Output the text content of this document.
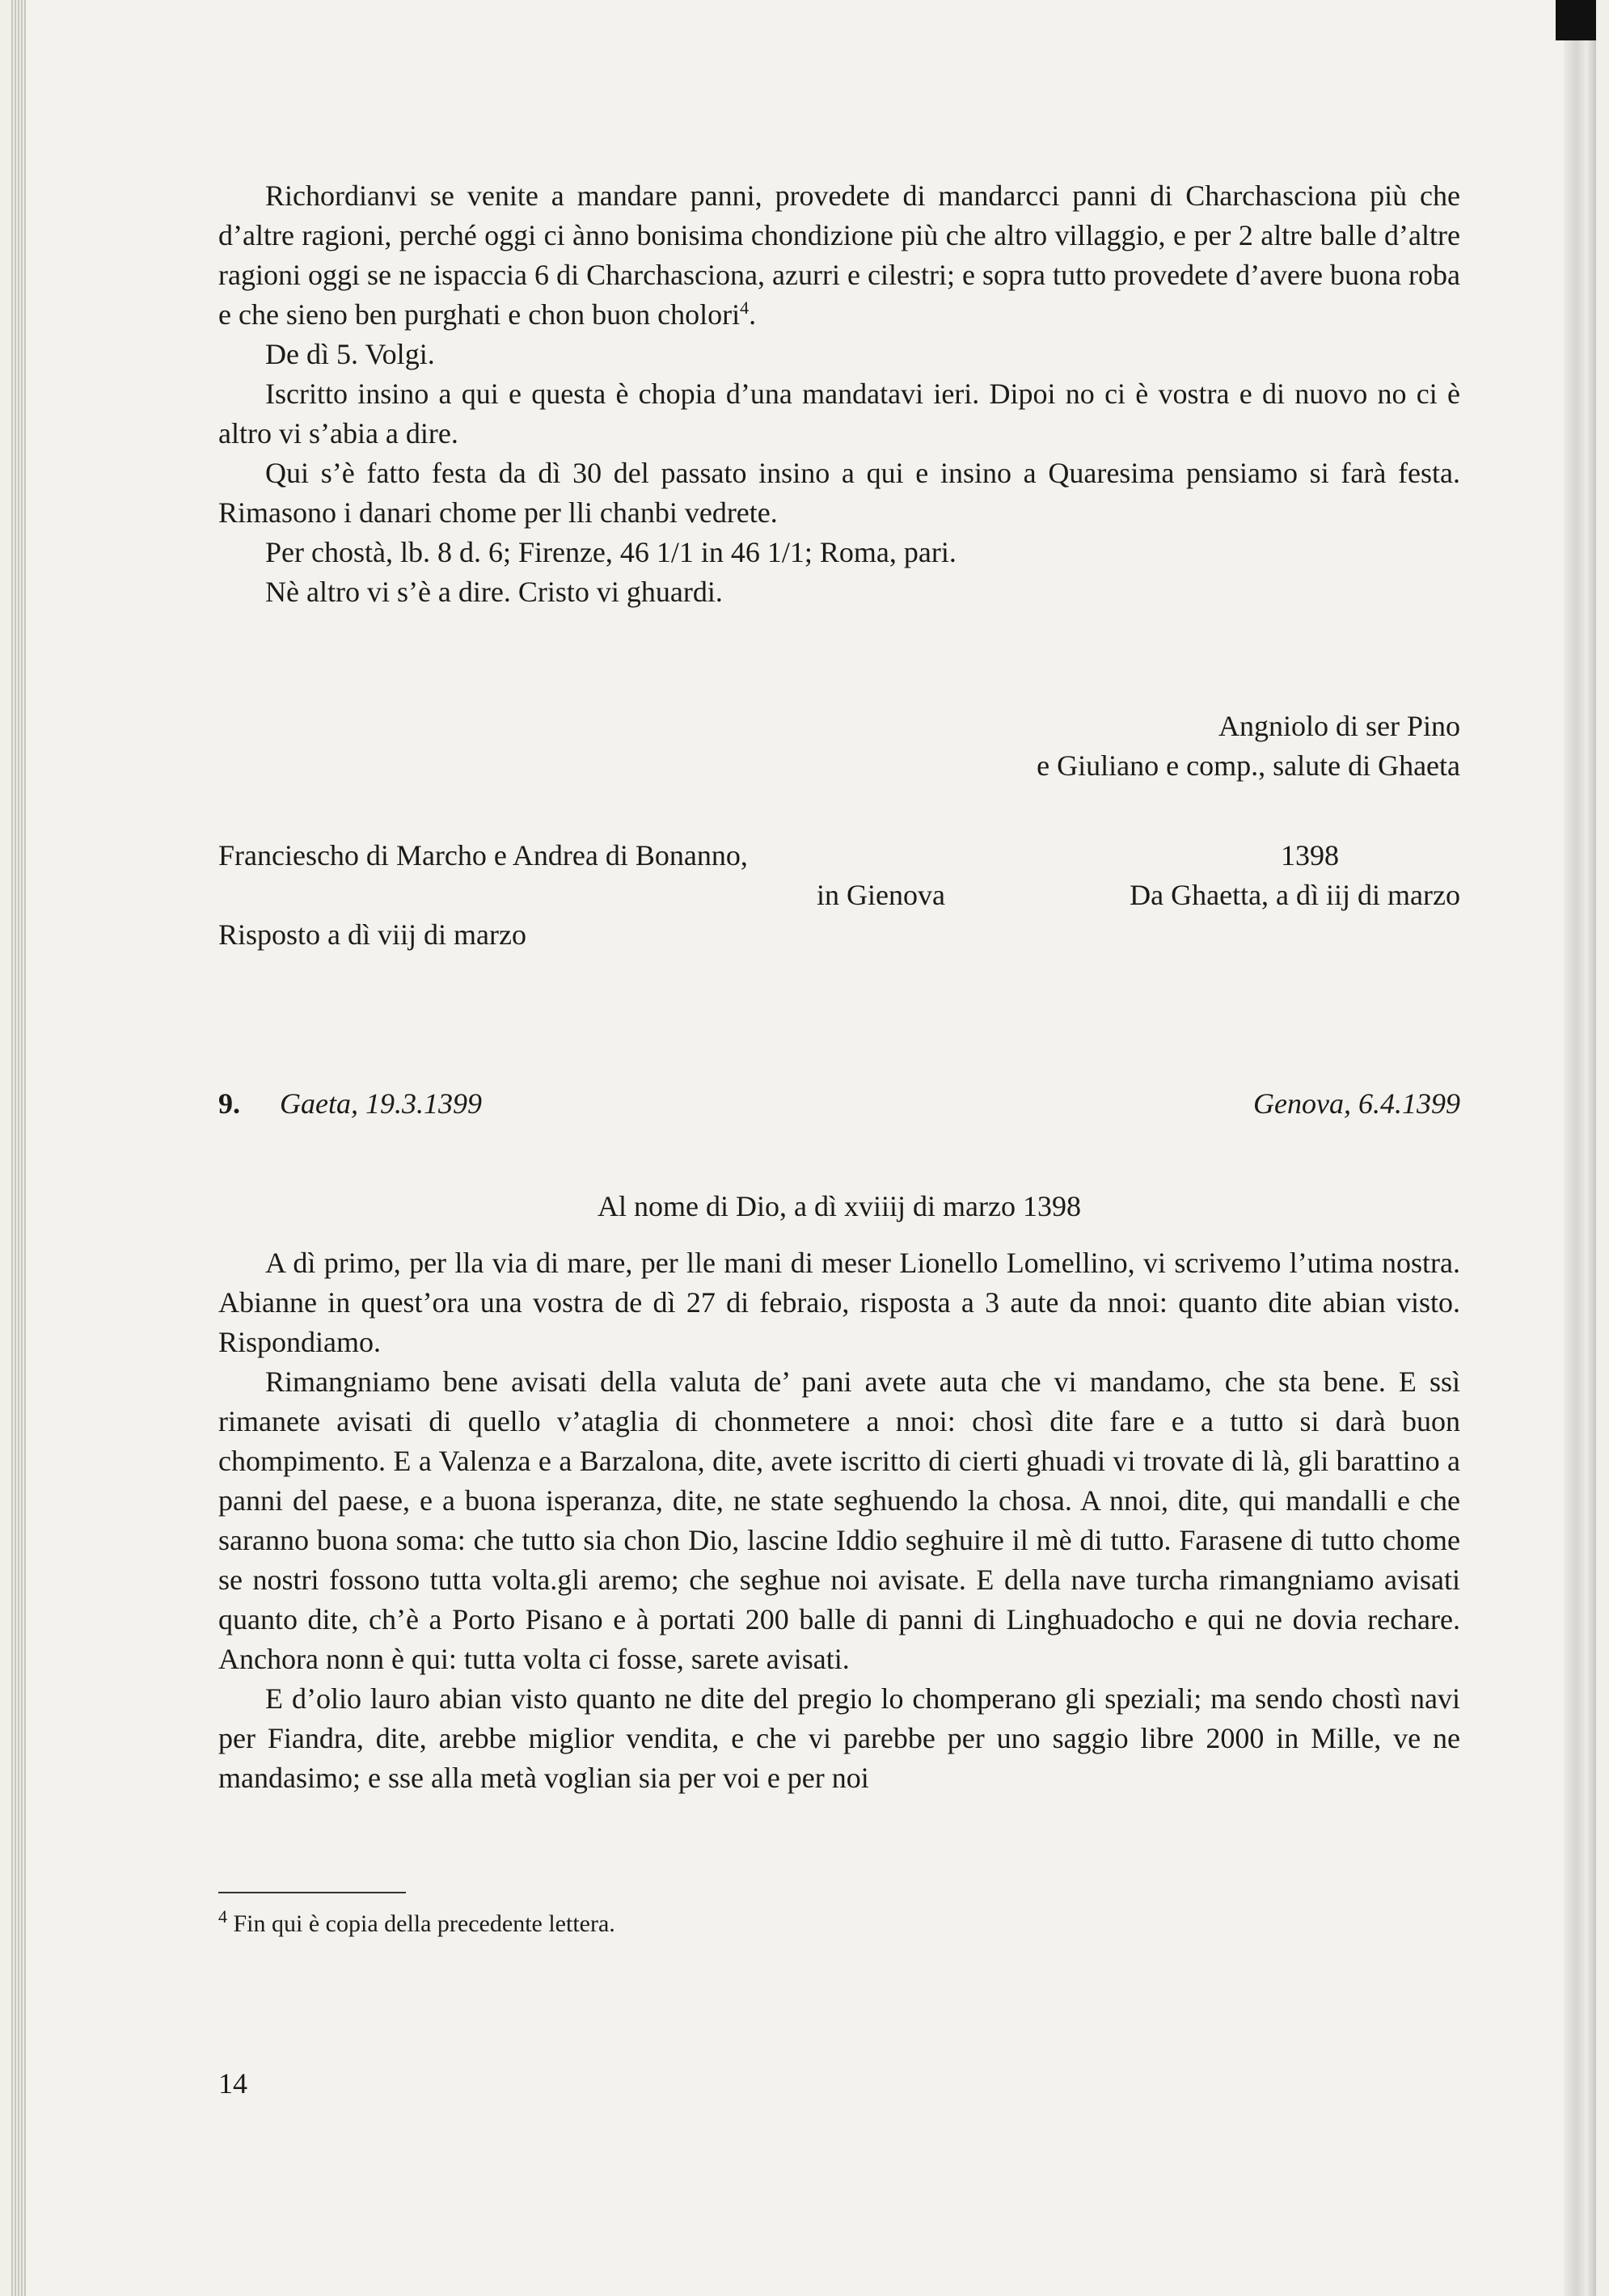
Richordianvi se venite a mandare panni, provedete di mandarcci panni di Charchasciona più che d’altre ragioni, perché oggi ci ànno bonisima chondizione più che altro villaggio, e per 2 altre balle d’altre ragioni oggi se ne ispaccia 6 di Charchasciona, azurri e cilestri; e sopra tutto provedete d’avere buona roba e che sieno ben purghati e chon buon cholori$^4$.

De dì 5. Volgi.

Iscritto insino a qui e questa è chopia d’una mandatavi ieri. Dipoi no ci è vostra e di nuovo no ci è altro vi s’abia a dire.

Qui s’è fatto festa da dì 30 del passato insino a qui e insino a Quaresima pensiamo si farà festa. Rimasono i danari chome per lli chanbi vedrete.

Per chostà, lb. 8 d. 6; Firenze, 46 1/1 in 46 1/1; Roma, pari.

Nè altro vi s’è a dire. Cristo vi ghuardi.

Angniolo di ser Pino
e Giuliano e comp., salute di Ghaeta
Franciescho di Marcho e Andrea di Bonanno,	1398
in Gienova	Da Ghaetta, a dì iij di marzo
Risposto a dì viij di marzo
9. Gaeta, 19.3.1399	Genova, 6.4.1399
Al nome di Dio, a dì xviiij di marzo 1398

A dì primo, per lla via di mare, per lle mani di meser Lionello Lomellino, vi scrivemo l’utima nostra. Abianne in quest’ora una vostra de dì 27 di febraio, risposta a 3 aute da nnoi: quanto dite abian visto. Rispondiamo.

Rimangniamo bene avisati della valuta de’ pani avete auta che vi mandamo, che sta bene. E ssì rimanete avisati di quello v’ataglia di chonmetere a nnoi: chosì dite fare e a tutto si darà buon chompimento. E a Valenza e a Barzalona, dite, avete iscritto di cierti ghuadi vi trovate di là, gli barattino a panni del paese, e a buona isperanza, dite, ne state seghuendo la chosa. A nnoi, dite, qui mandalli e che saranno buona soma: che tutto sia chon Dio, lascine Iddio seghuire il mè di tutto. Farasene di tutto chome se nostri fossono tutta volta.gli aremo; che seghue noi avisate. E della nave turcha rimangniamo avisati quanto dite, ch’è a Porto Pisano e à portati 200 balle di panni di Linghuadocho e qui ne dovia rechare. Anchora nonn è qui: tutta volta ci fosse, sarete avisati.

E d’olio lauro abian visto quanto ne dite del pregio lo chomperano gli speziali; ma sendo chostì navi per Fiandra, dite, arebbe miglior vendita, e che vi parebbe per uno saggio libre 2000 in Mille, ve ne mandasimo; e sse alla metà voglian sia per voi e per noi

$^4$ Fin qui è copia della precedente lettera.
14
